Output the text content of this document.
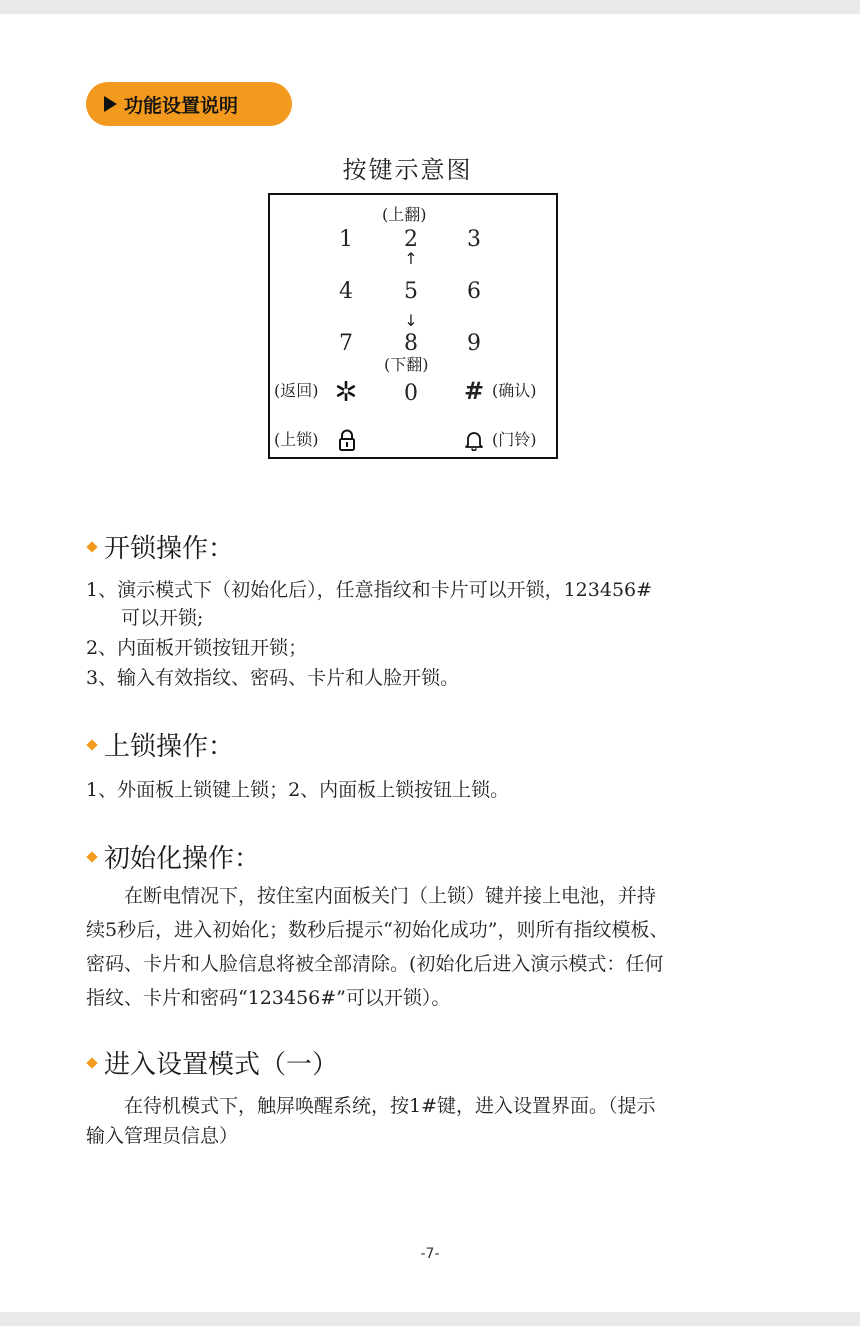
功能设置说明
按键示意图
(上翻)
1 2 3
↑
4 5 6
↓
7 8 9
(下翻)
(返回)	0 # (确认)
(上锁)	(门铃)
开锁操作：
1、演示模式下（初始化后），任意指纹和卡片可以开锁，123456#
可以开锁;
2、内面板开锁按钮开锁；
3、输入有效指纹、密码、卡片和人脸开锁。
上锁操作：
1、外面板上锁键上锁；2、内面板上锁按钮上锁。
初始化操作：
在断电情况下，按住室内面板关门（上锁）键并接上电池，并持
续5秒后，进入初始化；数秒后提示“初始化成功”，则所有指纹模板、
密码、卡片和人脸信息将被全部清除。(初始化后进入演示模式：任何
指纹、卡片和密码“123456#”可以开锁）。
进入设置模式（一）
在待机模式下，触屏唤醒系统，按1#键，进入设置界面。（提示
输入管理员信息）
-7-
